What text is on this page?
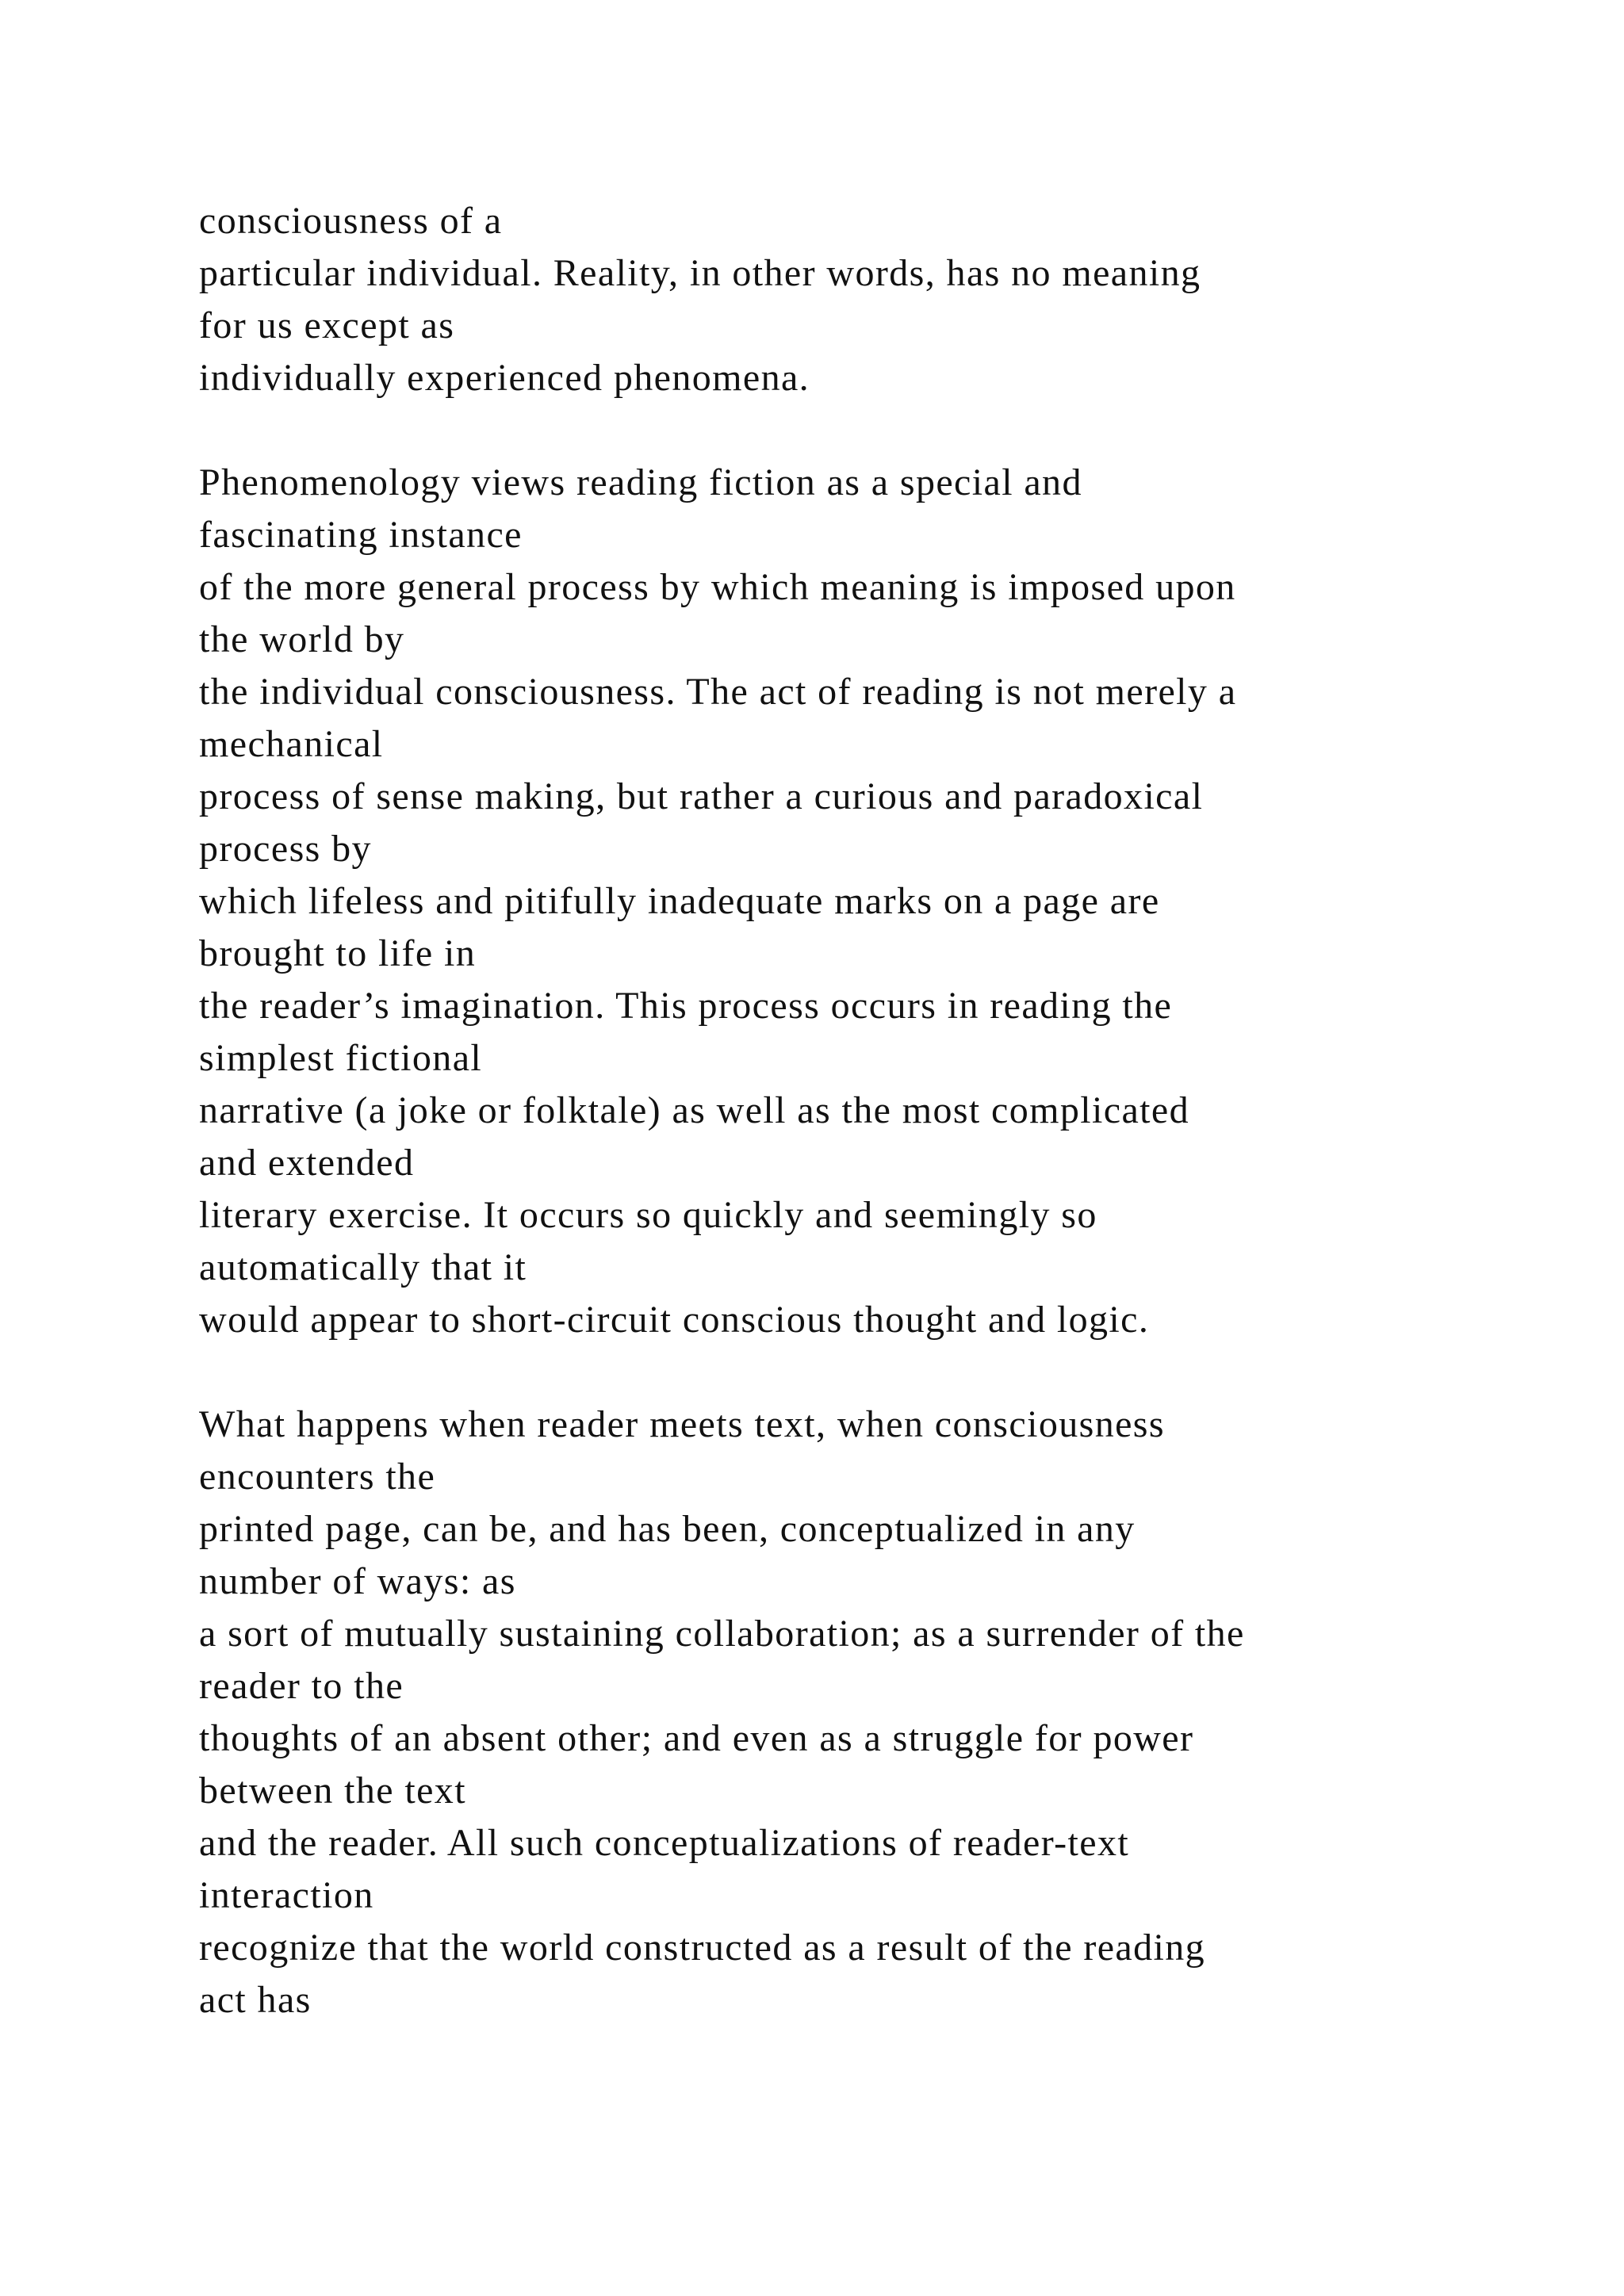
consciousness of a
particular individual. Reality, in other words, has no meaning
for us except as
individually experienced phenomena.
Phenomenology views reading fiction as a special and
fascinating instance
of the more general process by which meaning is imposed upon
the world by
the individual consciousness. The act of reading is not merely a
mechanical
process of sense making, but rather a curious and paradoxical
process by
which lifeless and pitifully inadequate marks on a page are
brought to life in
the reader’s imagination. This process occurs in reading the
simplest fictional
narrative (a joke or folktale) as well as the most complicated
and extended
literary exercise. It occurs so quickly and seemingly so
automatically that it
would appear to short-circuit conscious thought and logic.
What happens when reader meets text, when consciousness
encounters the
printed page, can be, and has been, conceptualized in any
number of ways: as
a sort of mutually sustaining collaboration; as a surrender of the
reader to the
thoughts of an absent other; and even as a struggle for power
between the text
and the reader. All such conceptualizations of reader-text
interaction
recognize that the world constructed as a result of the reading
act has
